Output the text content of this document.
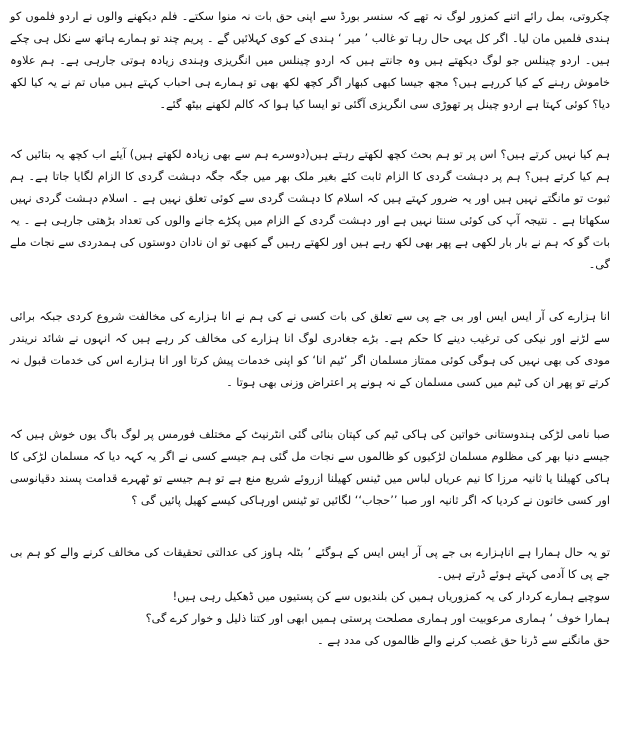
چکروتی، بمل رائے اتنے کمزور لوگ نہ تھے کہ سنسر بورڈ سے اپنی حق بات نہ منوا سکتے۔ فلم دیکھنے والوں نے اردو فلموں کو ہندی فلمیں مان لیا۔ اگر کل یہی حال رہا تو غالب ’ میر ‘ ہندی کے کوی کہلائیں گے ۔ پریم چند تو ہمارے ہاتھ سے نکل ہی چکے ہیں۔ اردو چینلس جو لوگ دیکھتے ہیں وہ جانتے ہیں کہ اردو چینلس میں انگریزی وہندی زیادہ ہوتی جارہی ہے۔ ہم علاوہ خاموش رہنے کے کیا کررہے ہیں؟ مجھ جیسا کبھی کبھار اگر کچھ لکھ بھی تو ہمارے ہی احباب کہتے ہیں میاں تم نے یہ کیا لکھ دیا؟ کوئی کہتا ہے اردو چینل پر تھوڑی سی انگریزی آگئی تو ایسا کیا ہوا کہ کالم لکھنے بیٹھ گئے۔

ہم کیا نہیں کرتے ہیں؟ اس پر تو ہم بحث کچھ لکھتے رہتے ہیں(دوسرے ہم سے بھی زیادہ لکھتے ہیں) آیئے اب کچھ یہ بتائیں کہ ہم کیا کرتے ہیں؟ ہم پر دہشت گردی کا الزام ثابت کئے بغیر ملک بھر میں جگہ جگہ دہشت گردی کا الزام لگایا جاتا ہے۔ ہم ثبوت تو مانگتے نہیں ہیں اور یہ ضرور کہتے ہیں کہ اسلام کا دہشت گردی سے کوئی تعلق نہیں ہے ۔ اسلام دہشت گردی نہیں سکھاتا ہے ۔ نتیجہ آپ کی کوئی سنتا نہیں ہے اور دہشت گردی کے الزام میں پکڑے جانے والوں کی تعداد بڑھتی جارہی ہے ۔ یہ بات گو کہ ہم نے بار بار لکھی ہے پھر بھی لکھ رہے ہیں اور لکھتے رہیں گے کبھی تو ان نادان دوستوں کی ہمدردی سے نجات ملے گی۔

انا ہزارے کی آر ایس ایس اور بی جے پی سے تعلق کی بات کسی نے کی ہم نے انا ہزارے کی مخالفت شروع کردی جبکہ برائی سے لڑنے اور نیکی کی ترغیب دینے کا حکم ہے۔ بڑے جغادری لوگ انا ہزارے کی مخالف کر رہے ہیں کہ انہوں نے شائد نریندر مودی کی بھی نہیں کی ہوگی کوئی ممتاز مسلمان اگر ’ٹیم انا‘ کو اپنی خدمات پیش کرتا اور انا ہزارے اس کی خدمات قبول نہ کرتے تو پھر ان کی ٹیم میں کسی مسلمان کے نہ ہونے پر اعتراض وزنی بھی ہوتا ۔

صبا نامی لڑکی ہندوستانی خواتین کی ہاکی ٹیم کی کپتان بنائی گئی انٹرنیٹ کے مختلف فورمس پر لوگ باگ یوں خوش ہیں کہ جیسے دنیا بھر کی مظلوم مسلمان لڑکیوں کو ظالموں سے نجات مل گئی ہم جیسے کسی نے اگر یہ کہہ دیا کہ مسلمان لڑکی کا ہاکی کھیلنا یا ثانیہ مرزا کا نیم عریاں لباس میں ٹینس کھیلنا ازروئے شریع منع ہے تو ہم جیسے تو ٹھہرے قدامت پسند دقیانوسی اور کسی خاتون نے کردیا کہ اگر ثانیہ اور صبا ’’حجاب‘‘ لگائیں تو ٹینس اورہاکی کیسے کھیل پائیں گی ؟

تو یہ حال ہمارا ہے اناہزارے بی جے پی آر ایس ایس کے ہوگئے ’ بٹلہ ہاوز کی عدالتی تحقیقات کی مخالف کرنے والے کو ہم بی جے پی کا آدمی کہتے ہوئے ڈرتے ہیں۔

سوچیے ہمارے کردار کی یہ کمزوریاں ہمیں کن بلندیوں سے کن پستیوں میں ڈھکیل رہی ہیں!
ہمارا خوف ‘ ہماری مرعوبیت اور ہماری مصلحت پرستی ہمیں ابھی اور کتنا ذلیل و خوار کرے گی؟
حق مانگنے سے ڈرنا حق غصب کرنے والے ظالموں کی مدد ہے ۔
